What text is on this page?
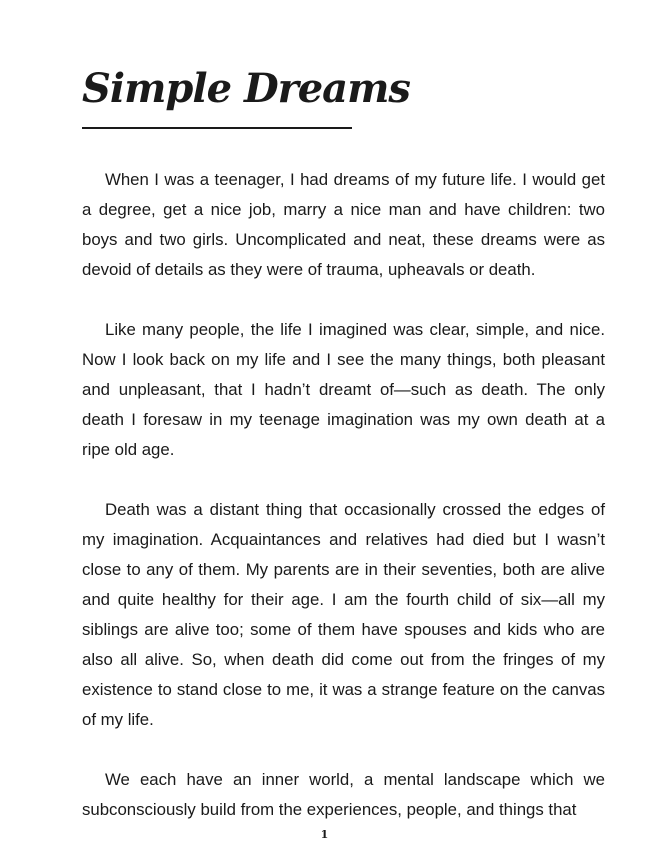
Simple Dreams

When I was a teenager, I had dreams of my future life. I would get a degree, get a nice job, marry a nice man and have children: two boys and two girls. Uncomplicated and neat, these dreams were as devoid of details as they were of trauma, upheavals or death.

Like many people, the life I imagined was clear, simple, and nice. Now I look back on my life and I see the many things, both pleasant and unpleasant, that I hadn’t dreamt of—such as death. The only death I foresaw in my teenage imagination was my own death at a ripe old age.

Death was a distant thing that occasionally crossed the edges of my imagination. Acquaintances and relatives had died but I wasn’t close to any of them. My parents are in their seventies, both are alive and quite healthy for their age. I am the fourth child of six—all my siblings are alive too; some of them have spouses and kids who are also all alive. So, when death did come out from the fringes of my existence to stand close to me, it was a strange feature on the canvas of my life.

We each have an inner world, a mental landscape which we subconsciously build from the experiences, people, and things that

1
